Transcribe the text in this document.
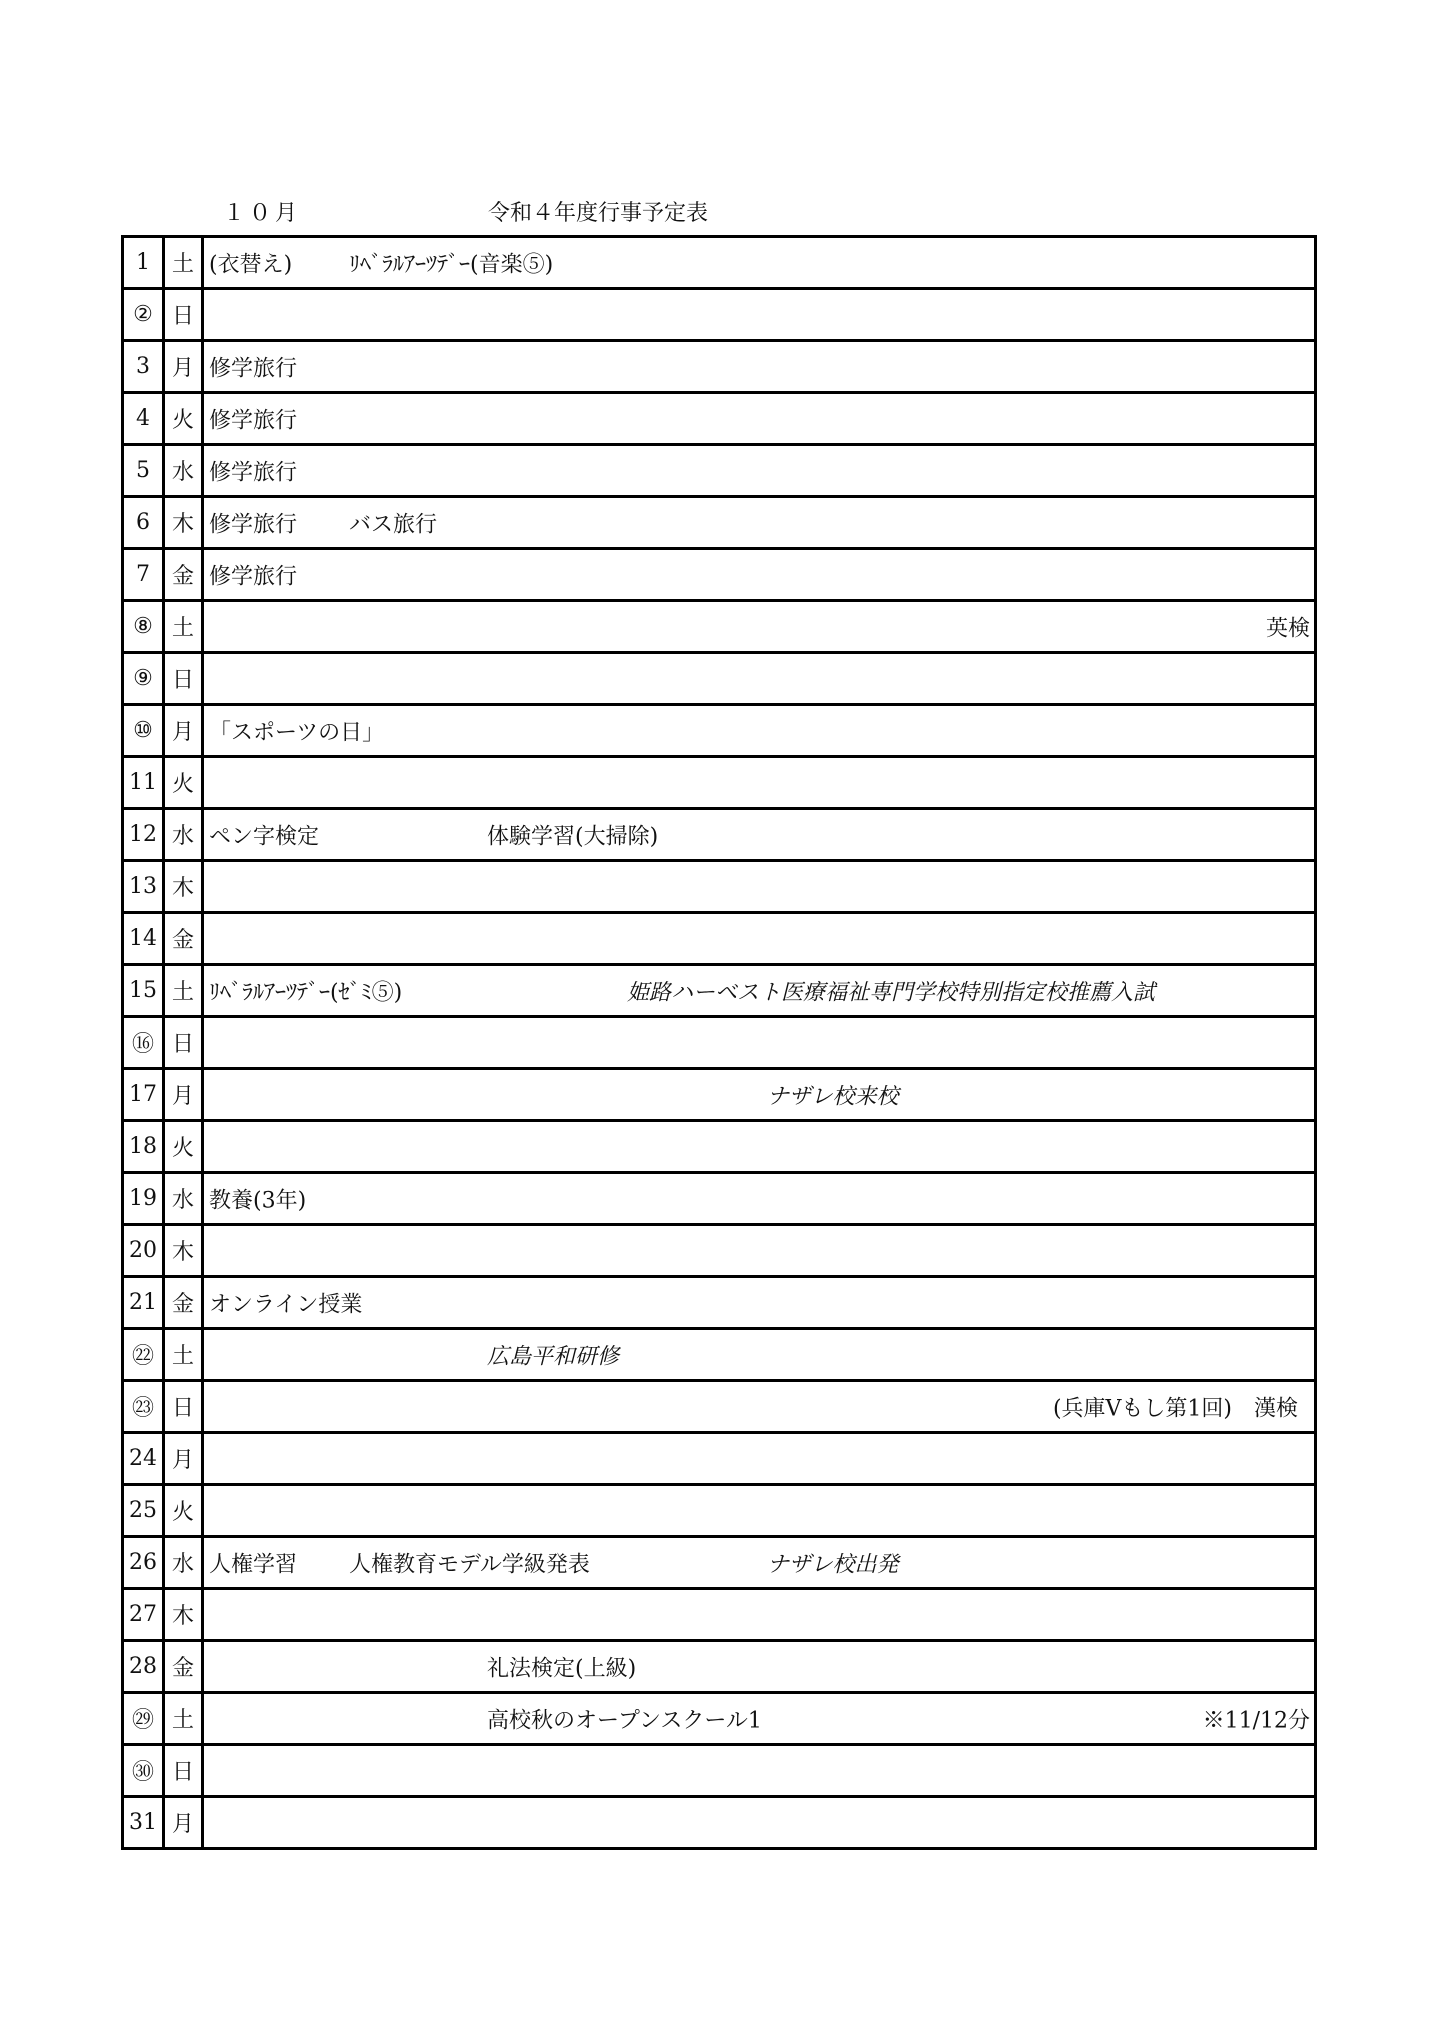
１０月	令和４年度行事予定表
1	土	(衣替え) ﾘﾍﾞﾗﾙｱｰﾂﾃﾞｰ(音楽⑤)

②	日	
3	月	修学旅行

4	火	修学旅行

5	水	修学旅行

6	木	修学旅行 バス旅行

7	金	修学旅行

⑧	土	英検

⑨	日	
⑩	月	「スポーツの日」

11	火	
12	水	ペン字検定 体験学習(大掃除)

13	木	
14	金	
15	土	ﾘﾍﾞﾗﾙｱｰﾂﾃﾞｰ(ｾﾞﾐ⑤) 姫路ハーベスト医療福祉専門学校特別指定校推薦入試

⑯	日	
17	月	ナザレ校来校

18	火	
19	水	教養(3年)

20	木	
21	金	オンライン授業

㉒	土	広島平和研修

㉓	日	(兵庫Vもし第1回)　漢検

24	月	
25	火	
26	水	人権学習 人権教育モデル学級発表 ナザレ校出発

27	木	
28	金	礼法検定(上級)

㉙	土	高校秋のオープンスクール1 ※11/12分

㉚	日	
31	月	
